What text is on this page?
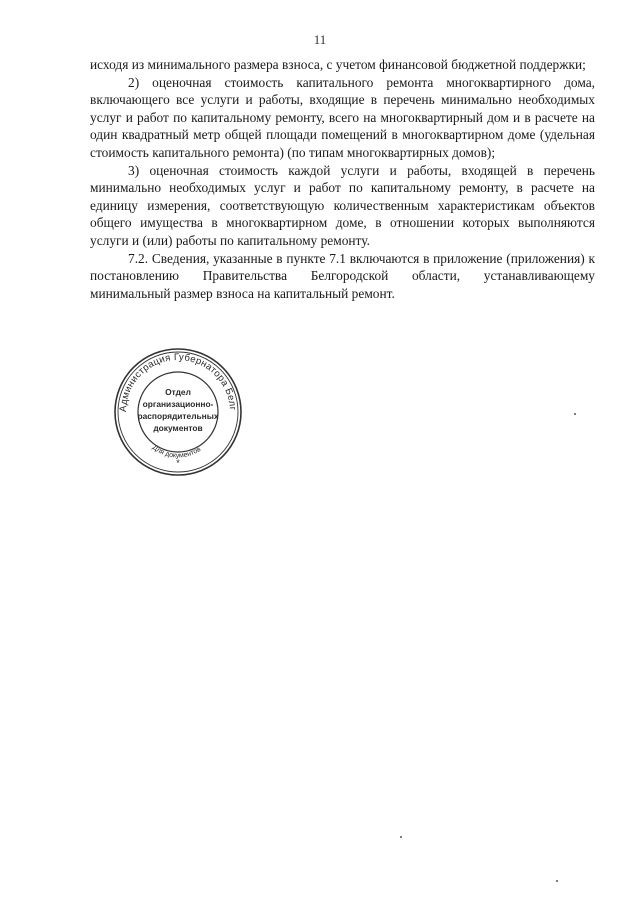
11

исходя из минимального размера взноса, с учетом финансовой бюджетной поддержки;

2) оценочная стоимость капитального ремонта многоквартирного дома, включающего все услуги и работы, входящие в перечень минимально необходимых услуг и работ по капитальному ремонту, всего на многоквартирный дом и в расчете на один квадратный метр общей площади помещений в многоквартирном доме (удельная стоимость капитального ремонта) (по типам многоквартирных домов);

3) оценочная стоимость каждой услуги и работы, входящей в перечень минимально необходимых услуг и работ по капитальному ремонту, в расчете на единицу измерения, соответствующую количественным характеристикам объектов общего имущества в многоквартирном доме, в отношении которых выполняются услуги и (или) работы по капитальному ремонту.

7.2. Сведения, указанные в пункте 7.1 включаются в приложение (приложения) к постановлению Правительства Белгородской области, устанавливающему минимальный размер взноса на капитальный ремонт.

Администрация Губернатора Белг
Для документов
Отдел
организационно-
распорядительных
документов
*
